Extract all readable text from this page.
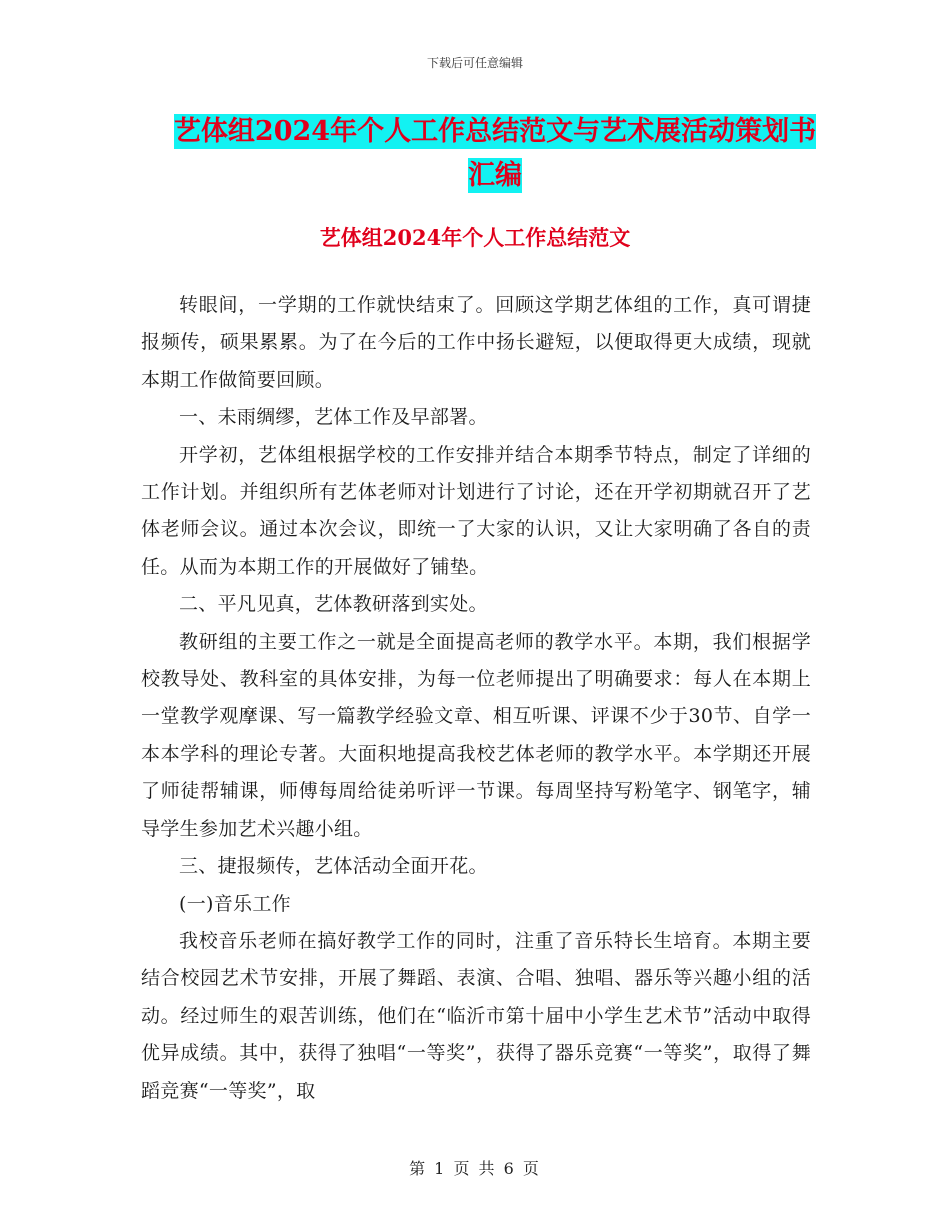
下载后可任意编辑
艺体组2024年个人工作总结范文与艺术展活动策划书
汇编
艺体组2024年个人工作总结范文

转眼间，一学期的工作就快结束了。回顾这学期艺体组的工作，真可谓捷报频传，硕果累累。为了在今后的工作中扬长避短，以便取得更大成绩，现就本期工作做简要回顾。

一、未雨绸缪，艺体工作及早部署。

开学初，艺体组根据学校的工作安排并结合本期季节特点，制定了详细的工作计划。并组织所有艺体老师对计划进行了讨论，还在开学初期就召开了艺体老师会议。通过本次会议，即统一了大家的认识，又让大家明确了各自的责任。从而为本期工作的开展做好了铺垫。

二、平凡见真，艺体教研落到实处。

教研组的主要工作之一就是全面提高老师的教学水平。本期，我们根据学校教导处、教科室的具体安排，为每一位老师提出了明确要求：每人在本期上一堂教学观摩课、写一篇教学经验文章、相互听课、评课不少于30节、自学一本本学科的理论专著。大面积地提高我校艺体老师的教学水平。本学期还开展了师徒帮辅课，师傅每周给徒弟听评一节课。每周坚持写粉笔字、钢笔字，辅导学生参加艺术兴趣小组。

三、捷报频传，艺体活动全面开花。

(一)音乐工作

我校音乐老师在搞好教学工作的同时，注重了音乐特长生培育。本期主要结合校园艺术节安排，开展了舞蹈、表演、合唱、独唱、器乐等兴趣小组的活动。经过师生的艰苦训练，他们在“临沂市第十届中小学生艺术节”活动中取得优异成绩。其中，获得了独唱“一等奖”，获得了器乐竞赛“一等奖”，取得了舞蹈竞赛“一等奖”，取

第 1 页 共 6 页
